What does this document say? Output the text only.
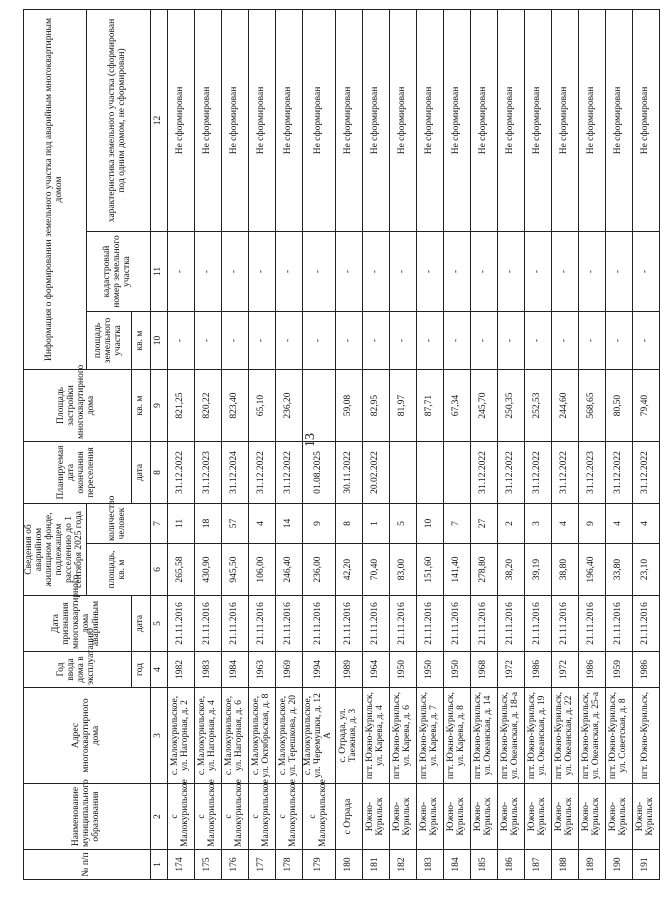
13
№ п/п	Наименование муниципального образования	Адрес многоквартирного дома	Год ввода дома в эксплуатацию	Дата признания многоквартирного дома аварийным	Сведения об аварийном жилищном фонде, подлежащем расселению до 1 сентября 2025 года		Планируемая дата окончания переселения	Площадь застройки многоквартирного дома	Информация о формировании земельного участка под аварийным многоквартирным домом		
					площадь, кв. м	количество человек			площадь земельного участка	кадастровый номер земельного участка	характеристика земельного участка (сформирован под одним домом, не сформирован)
			год	дата			дата	кв. м	кв. м		
1	2	3	4	5	6	7	8	9	10	11	12
174	с Малокурильское	с. Малокурильское, ул. Нагорная, д. 2	1982	21.11.2016	265,58	11	31.12.2022	821,25	-	-	Не сформирован
175	с Малокурильское	с. Малокурильское, ул. Нагорная, д. 4	1983	21.11.2016	430,90	18	31.12.2023	820,22	-	-	Не сформирован
176	с Малокурильское	с. Малокурильское, ул. Нагорная, д. 6	1984	21.11.2016	945,50	57	31.12.2024	823,40	-	-	Не сформирован
177	с Малокурильское	с. Малокурильское, ул. Октябрьская, д. 8	1963	21.11.2016	106,00	4	31.12.2022	65,10	-	-	Не сформирован
178	с Малокурильское	с. Малокурильское, ул. Терешкова, д. 20	1969	21.11.2016	246,40	14	31.12.2022	236,20	-	-	Не сформирован
179	с Малокурильское	с. Малокурильское, ул. Черемушки, д. 12 А	1994	21.11.2016	236,00	9	01.08.2025		-	-	Не сформирован
180	с Отрада	с. Отрада, ул. Таежная, д. 3	1989	21.11.2016	42,20	8	30.11.2022	59,08	-	-	Не сформирован
181	Южно-Курильск	пгт. Южно-Курильск, ул. Карева, д. 4	1964	21.11.2016	70,40	1	20.02.2022	82,95	-	-	Не сформирован
182	Южно-Курильск	пгт. Южно-Курильск, ул. Карева, д. 6	1950	21.11.2016	83,00	5		81,97	-	-	Не сформирован
183	Южно-Курильск	пгт. Южно-Курильск, ул. Карева, д. 7	1950	21.11.2016	151,60	10		87,71	-	-	Не сформирован
184	Южно-Курильск	пгт. Южно-Курильск, ул. Карева, д. 8	1950	21.11.2016	141,40	7		67,34	-	-	Не сформирован
185	Южно-Курильск	пгт. Южно-Курильск, ул. Океанская, д. 14	1968	21.11.2016	278,80	27	31.12.2022	245,70	-	-	Не сформирован
186	Южно-Курильск	пгт. Южно-Курильск, ул. Океанская, д. 18-а	1972	21.11.2016	38,20	2	31.12.2022	250,35	-	-	Не сформирован
187	Южно-Курильск	пгт. Южно-Курильск, ул. Океанская, д. 19	1986	21.11.2016	39,19	3	31.12.2022	252,53	-	-	Не сформирован
188	Южно-Курильск	пгт. Южно-Курильск, ул. Океанская, д. 22	1972	21.11.2016	38,80	4	31.12.2022	244,60	-	-	Не сформирован
189	Южно-Курильск	пгт. Южно-Курильск, ул. Океанская, д. 25-а	1986	21.11.2016	196,40	9	31.12.2023	568,65	-	-	Не сформирован
190	Южно-Курильск	пгт. Южно-Курильск, ул. Советская, д. 8	1959	21.11.2016	33,80	4	31.12.2022	80,50	-	-	Не сформирован
191	Южно-Курильск	пгт. Южно-Курильск,	1986	21.11.2016	23,10	4	31.12.2022	79,40	-	-	Не сформирован
